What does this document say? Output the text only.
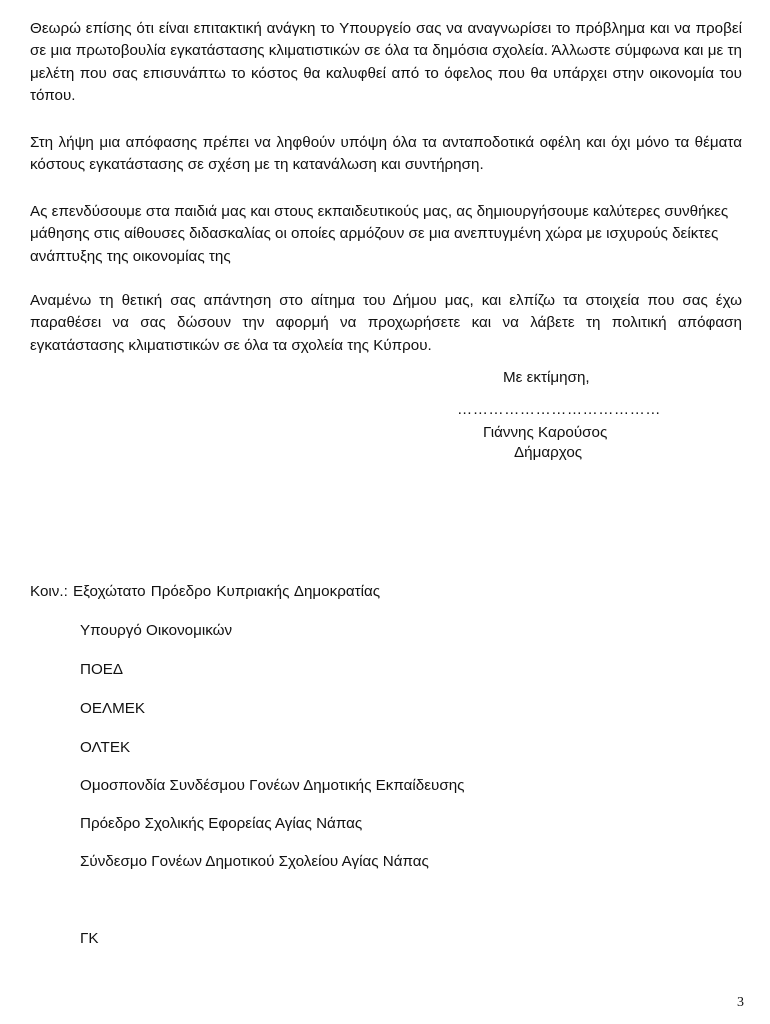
Θεωρώ επίσης ότι είναι επιτακτική ανάγκη το Υπουργείο σας να αναγνωρίσει το πρόβλημα και να προβεί σε μια πρωτοβουλία εγκατάστασης κλιματιστικών σε όλα τα δημόσια σχολεία. Άλλωστε σύμφωνα και με τη μελέτη που σας επισυνάπτω το κόστος θα καλυφθεί από το όφελος που θα υπάρχει στην οικονομία του τόπου.

Στη λήψη μια απόφασης πρέπει να ληφθούν υπόψη όλα τα ανταποδοτικά οφέλη και όχι μόνο τα θέματα κόστους εγκατάστασης σε σχέση με τη κατανάλωση και συντήρηση.

Ας επενδύσουμε στα παιδιά μας και στους εκπαιδευτικούς μας, ας δημιουργήσουμε καλύτερες συνθήκες μάθησης στις αίθουσες διδασκαλίας οι οποίες αρμόζουν σε μια ανεπτυγμένη χώρα με ισχυρούς δείκτες ανάπτυξης της οικονομίας της

Αναμένω τη θετική σας απάντηση στο αίτημα του Δήμου μας, και ελπίζω τα στοιχεία που σας έχω παραθέσει να σας δώσουν την αφορμή να προχωρήσετε και να λάβετε τη πολιτική απόφαση εγκατάστασης κλιματιστικών σε όλα τα σχολεία της Κύπρου.

Με εκτίμηση,
…………………………………
Γιάννης Καρούσος
Δήμαρχος
Κοιν.: Εξοχώτατο Πρόεδρο Κυπριακής Δημοκρατίας
Υπουργό Οικονομικών
ΠΟΕΔ
ΟΕΛΜΕΚ
ΟΛΤΕΚ
Ομοσπονδία Συνδέσμου Γονέων Δημοτικής Εκπαίδευσης
Πρόεδρο Σχολικής Εφορείας Αγίας Νάπας
Σύνδεσμο Γονέων Δημοτικού Σχολείου Αγίας Νάπας
ΓΚ
3
